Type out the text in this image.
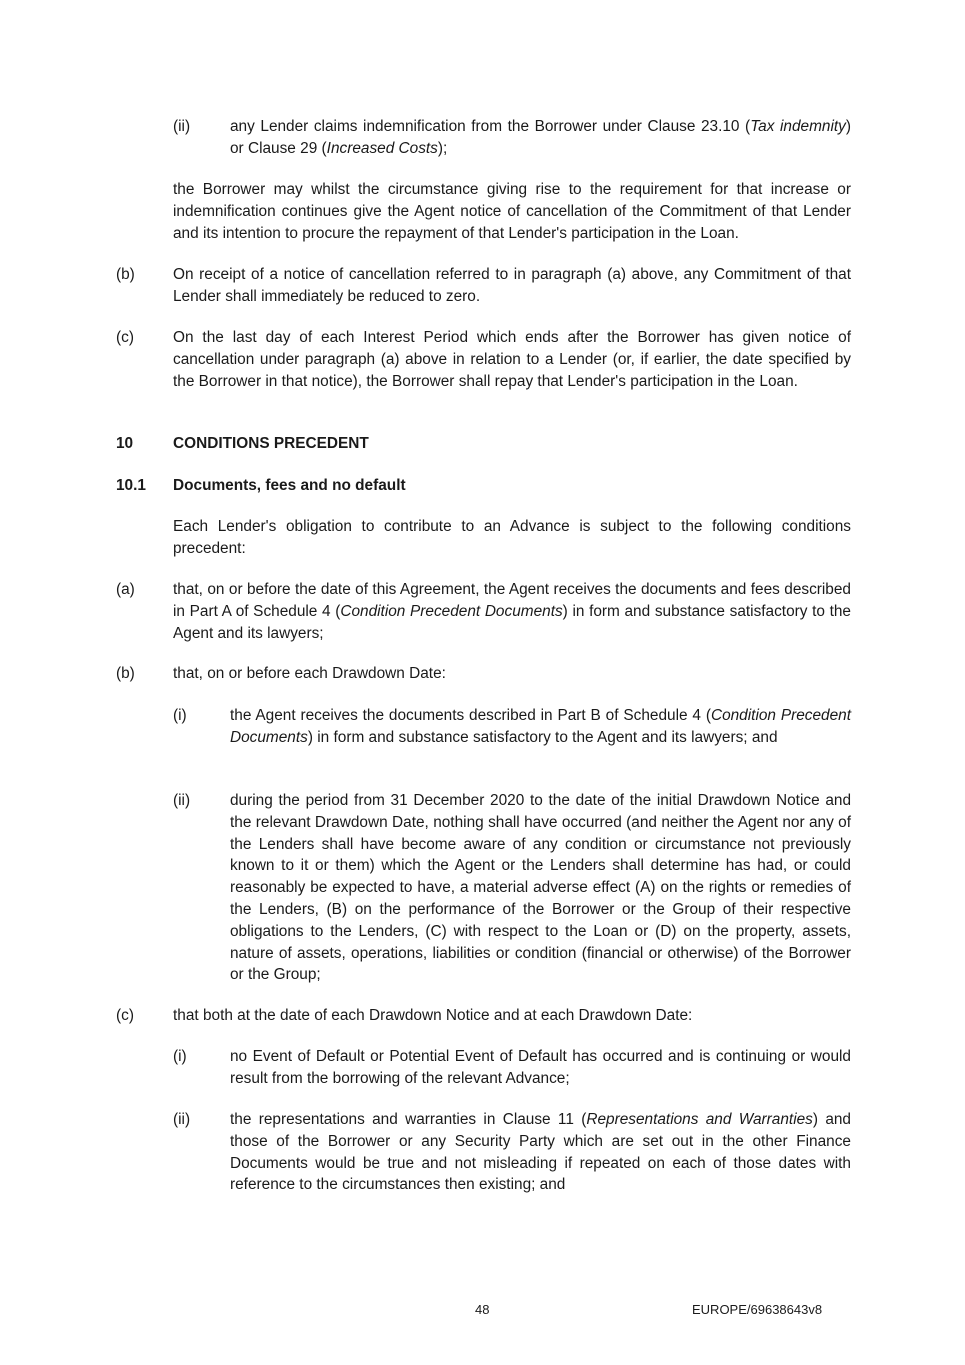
(ii)	any Lender claims indemnification from the Borrower under Clause 23.10 (Tax indemnity) or Clause 29 (Increased Costs);

the Borrower may whilst the circumstance giving rise to the requirement for that increase or indemnification continues give the Agent notice of cancellation of the Commitment of that Lender and its intention to procure the repayment of that Lender's participation in the Loan.

(b) On receipt of a notice of cancellation referred to in paragraph (a) above, any Commitment of that Lender shall immediately be reduced to zero.

(c)	On the last day of each Interest Period which ends after the Borrower has given notice of cancellation under paragraph (a) above in relation to a Lender (or, if earlier, the date specified by the Borrower in that notice), the Borrower shall repay that Lender's participation in the Loan.

10	CONDITIONS PRECEDENT
10.1 Documents, fees and no default

Each Lender's obligation to contribute to an Advance is subject to the following conditions precedent:

(a) that, on or before the date of this Agreement, the Agent receives the documents and fees described in Part A of Schedule 4 (Condition Precedent Documents) in form and substance satisfactory to the Agent and its lawyers;

(b) that, on or before each Drawdown Date:

(i)	the Agent receives the documents described in Part B of Schedule 4 (Condition Precedent Documents) in form and substance satisfactory to the Agent and its lawyers; and

(ii)	during the period from 31 December 2020 to the date of the initial Drawdown Notice and the relevant Drawdown Date, nothing shall have occurred (and neither the Agent nor any of the Lenders shall have become aware of any condition or circumstance not previously known to it or them) which the Agent or the Lenders shall determine has had, or could reasonably be expected to have, a material adverse effect (A) on the rights or remedies of the Lenders, (B) on the performance of the Borrower or the Group of their respective obligations to the Lenders, (C) with respect to the Loan or (D) on the property, assets, nature of assets, operations, liabilities or condition (financial or otherwise) of the Borrower or the Group;

(c)	that both at the date of each Drawdown Notice and at each Drawdown Date:

(i)	no Event of Default or Potential Event of Default has occurred and is continuing or would result from the borrowing of the relevant Advance;

(ii)	the representations and warranties in Clause 11 (Representations and Warranties) and those of the Borrower or any Security Party which are set out in the other Finance Documents would be true and not misleading if repeated on each of those dates with reference to the circumstances then existing; and

48	EUROPE/69638643v8
